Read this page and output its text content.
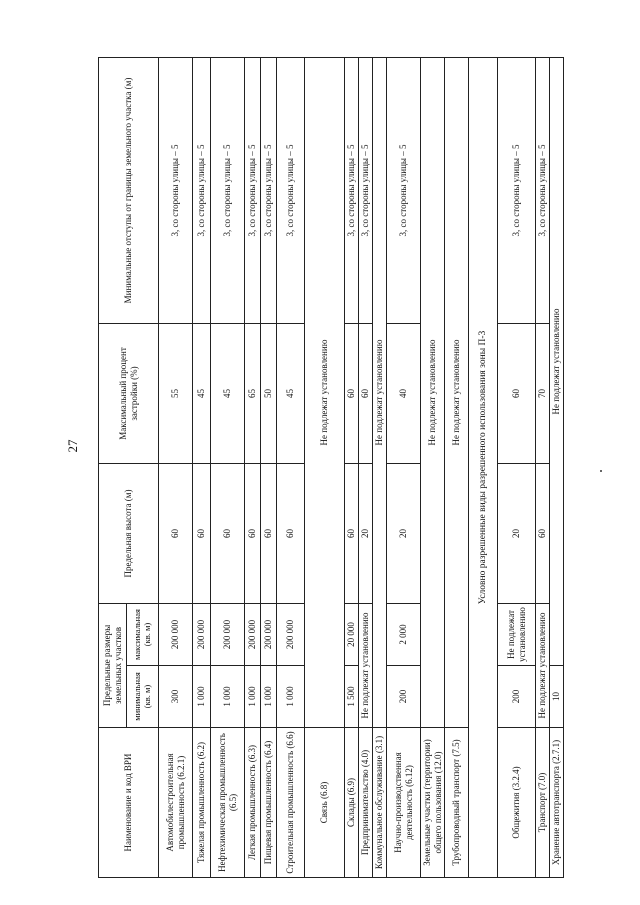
27
Наименование и код ВРИ	Предельные размеры земельных участков		Предельная высота (м)	Максимальный процент застройки (%)	Минимальные отступы от границы земельного участка (м)
	минимальная (кв. м)	максимальная (кв. м)			
Автомобилестроительная промышленность (6.2.1)	300	200 000	60	55	3, со стороны улицы – 5
Тяжелая промышленность (6.2)	1 000	200 000	60	45	3, со стороны улицы – 5
Нефтехимическая промышленность (6.5)	1 000	200 000	60	45	3, со стороны улицы – 5
Легкая промышленность (6.3)	1 000	200 000	60	65	3, со стороны улицы – 5
Пищевая промышленность (6.4)	1 000	200 000	60	50	3, со стороны улицы – 5
Строительная промышленность (6.6)	1 000	200 000	60	45	3, со стороны улицы – 5
Связь (6.8)	Не подлежат установлению				
Склады (6.9)	1 500	20 000	60	60	3, со стороны улицы – 5
Предпринимательство (4.0)	Не подлежат установлению		20	60	3, со стороны улицы – 5
Коммунальное обслуживание (3.1)	Не подлежат установлению				
Научно-производственная деятельность (6.12)	200	2 000	20	40	3, со стороны улицы – 5
Земельные участки (территории) общего пользования (12.0)	Не подлежат установлению				
Трубопроводный транспорт (7.5)	Не подлежат установлению				
Условно разрешенные виды разрешенного использования зоны П-3					
Общежития (3.2.4)	200	Не подлежат установлению	20	60	3, со стороны улицы – 5
Транспорт (7.0)	Не подлежат установлению		60	70	3, со стороны улицы – 5
Хранение автотранспорта (2.7.1)	10	Не подлежат установлению			
